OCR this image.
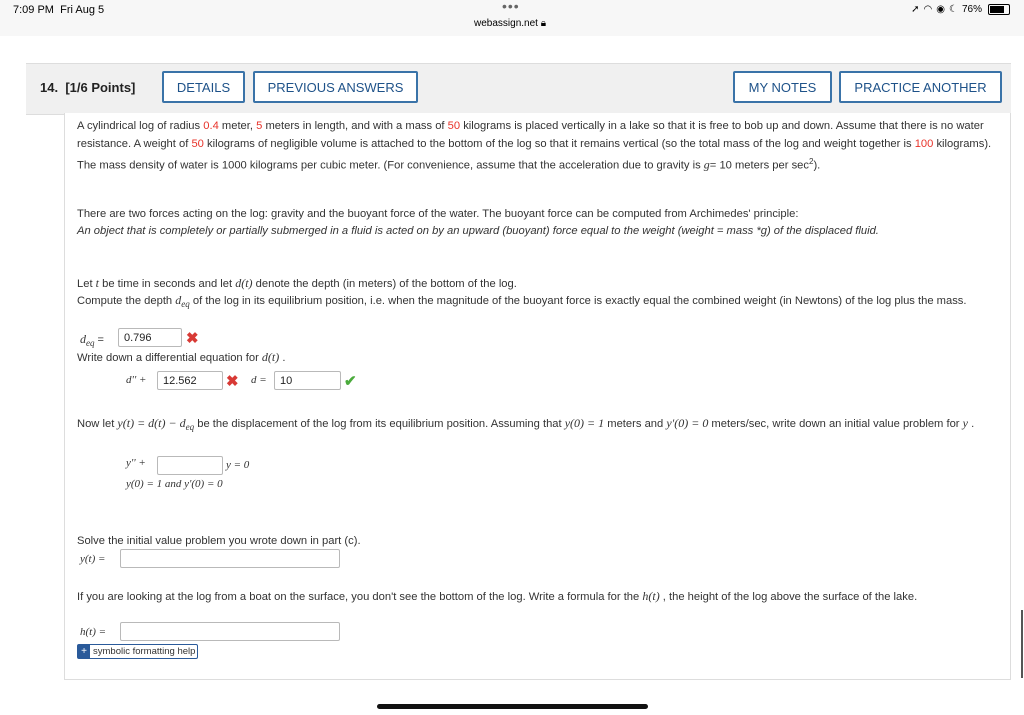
7:09 PM Fri Aug 5	•••
webassign.net 🔒︎
➚ ◠ ◉ ☾ 76%
14. [1/6 Points]	DETAILS	PREVIOUS ANSWERS	MY NOTES	PRACTICE ANOTHER

A cylindrical log of radius 0.4 meter, 5 meters in length, and with a mass of 50 kilograms is placed vertically in a lake so that it is free to bob up and down. Assume that there is no water resistance. A weight of 50 kilograms of negligible volume is attached to the bottom of the log so that it remains vertical (so the total mass of the log and weight together is 100 kilograms). The mass density of water is 1000 kilograms per cubic meter. (For convenience, assume that the acceleration due to gravity is g= 10 meters per $\sec^2$).

There are two forces acting on the log: gravity and the buoyant force of the water. The buoyant force can be computed from Archimedes' principle:

An object that is completely or partially submerged in a fluid is acted on by an upward (buoyant) force equal to the weight (weight = mass *g) of the displaced fluid.

Let t be time in seconds and let d(t) denote the depth (in meters) of the bottom of the log.

Compute the depth $d_{eq}$ of the log in its equilibrium position, i.e. when the magnitude of the buoyant force is exactly equal the combined weight (in Newtons) of the log plus the mass.

$d_{eq}$ =
0.796	✖

Write down a differential equation for d(t) .

d'' +
12.562	✖ d =
10	✔

Now let $y(t) = d(t) - d_{eq}$ be the displacement of the log from its equilibrium position. Assuming that y(0) = 1 meters and y'(0) = 0 meters/sec, write down an initial value problem for y .

y'' +	y = 0
y(0) = 1 and y'(0) = 0

Solve the initial value problem you wrote down in part (c).

y(t) =

If you are looking at the log from a boat on the surface, you don't see the bottom of the log. Write a formula for the h(t) , the height of the log above the surface of the lake.

h(t) =
+ symbolic formatting help
